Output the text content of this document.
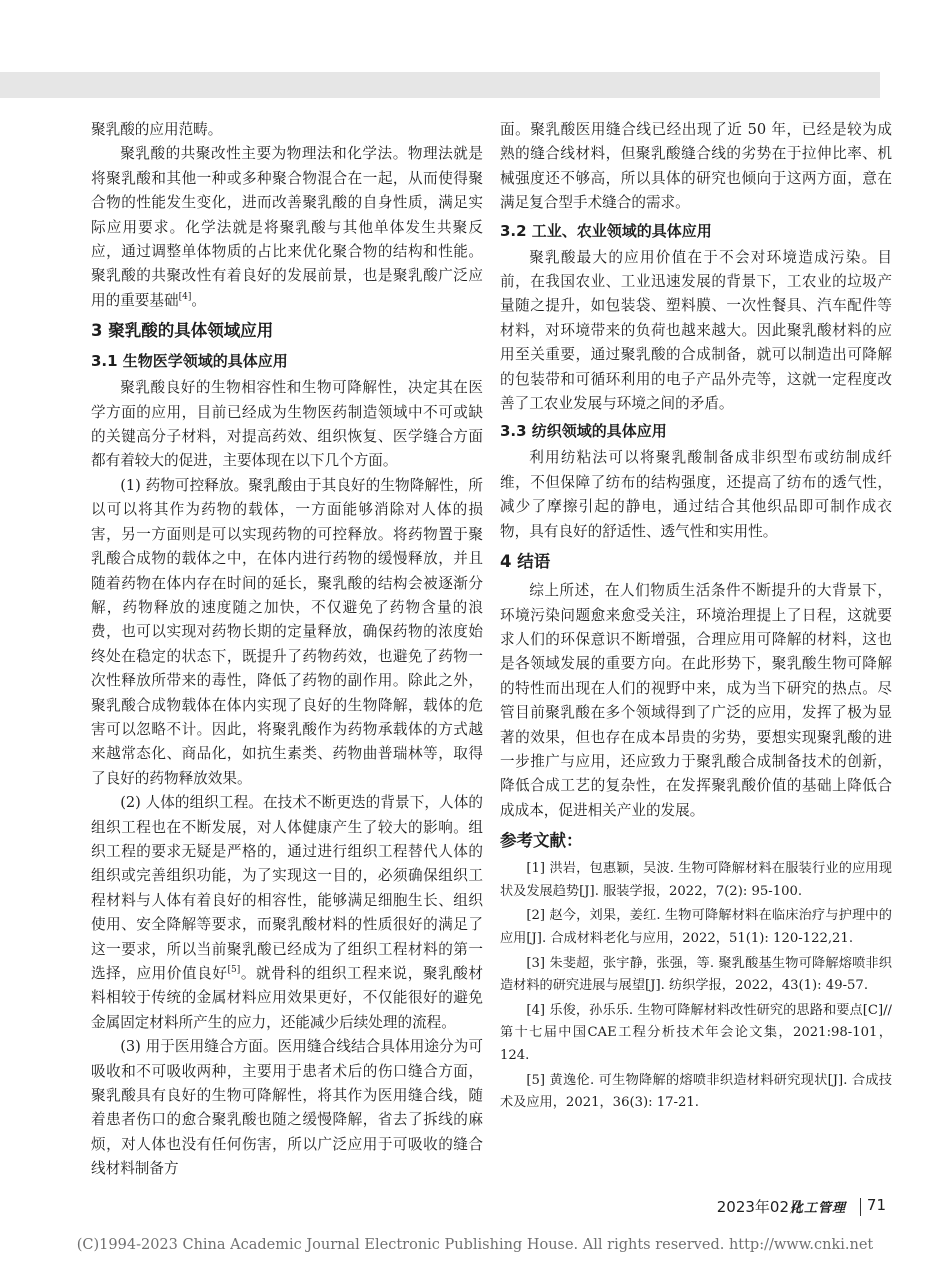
聚乳酸的应用范畴。

聚乳酸的共聚改性主要为物理法和化学法。物理法就是将聚乳酸和其他一种或多种聚合物混合在一起，从而使得聚合物的性能发生变化，进而改善聚乳酸的自身性质，满足实际应用要求。化学法就是将聚乳酸与其他单体发生共聚反应，通过调整单体物质的占比来优化聚合物的结构和性能。聚乳酸的共聚改性有着良好的发展前景，也是聚乳酸广泛应用的重要基础[4]。

3 聚乳酸的具体领域应用

3.1 生物医学领域的具体应用

聚乳酸良好的生物相容性和生物可降解性，决定其在医学方面的应用，目前已经成为生物医药制造领域中不可或缺的关键高分子材料，对提高药效、组织恢复、医学缝合方面都有着较大的促进，主要体现在以下几个方面。

(1) 药物可控释放。聚乳酸由于其良好的生物降解性，所以可以将其作为药物的载体，一方面能够消除对人体的损害，另一方面则是可以实现药物的可控释放。将药物置于聚乳酸合成物的载体之中，在体内进行药物的缓慢释放，并且随着药物在体内存在时间的延长，聚乳酸的结构会被逐渐分解，药物释放的速度随之加快，不仅避免了药物含量的浪费，也可以实现对药物长期的定量释放，确保药物的浓度始终处在稳定的状态下，既提升了药物药效，也避免了药物一次性释放所带来的毒性，降低了药物的副作用。除此之外，聚乳酸合成物载体在体内实现了良好的生物降解，载体的危害可以忽略不计。因此，将聚乳酸作为药物承载体的方式越来越常态化、商品化，如抗生素类、药物曲普瑞林等，取得了良好的药物释放效果。

(2) 人体的组织工程。在技术不断更迭的背景下，人体的组织工程也在不断发展，对人体健康产生了较大的影响。组织工程的要求无疑是严格的，通过进行组织工程替代人体的组织或完善组织功能，为了实现这一目的，必须确保组织工程材料与人体有着良好的相容性，能够满足细胞生长、组织使用、安全降解等要求，而聚乳酸材料的性质很好的满足了这一要求，所以当前聚乳酸已经成为了组织工程材料的第一选择，应用价值良好[5]。就骨科的组织工程来说，聚乳酸材料相较于传统的金属材料应用效果更好，不仅能很好的避免金属固定材料所产生的应力，还能减少后续处理的流程。

(3) 用于医用缝合方面。医用缝合线结合具体用途分为可吸收和不可吸收两种，主要用于患者术后的伤口缝合方面，聚乳酸具有良好的生物可降解性，将其作为医用缝合线，随着患者伤口的愈合聚乳酸也随之缓慢降解，省去了拆线的麻烦，对人体也没有任何伤害，所以广泛应用于可吸收的缝合线材料制备方

面。聚乳酸医用缝合线已经出现了近 50 年，已经是较为成熟的缝合线材料，但聚乳酸缝合线的劣势在于拉伸比率、机械强度还不够高，所以具体的研究也倾向于这两方面，意在满足复合型手术缝合的需求。

3.2 工业、农业领域的具体应用

聚乳酸最大的应用价值在于不会对环境造成污染。目前，在我国农业、工业迅速发展的背景下，工农业的垃圾产量随之提升，如包装袋、塑料膜、一次性餐具、汽车配件等材料，对环境带来的负荷也越来越大。因此聚乳酸材料的应用至关重要，通过聚乳酸的合成制备，就可以制造出可降解的包装带和可循环利用的电子产品外壳等，这就一定程度改善了工农业发展与环境之间的矛盾。

3.3 纺织领域的具体应用

利用纺粘法可以将聚乳酸制备成非织型布或纺制成纤维，不但保障了纺布的结构强度，还提高了纺布的透气性，减少了摩擦引起的静电，通过结合其他织品即可制作成衣物，具有良好的舒适性、透气性和实用性。

4 结语

综上所述，在人们物质生活条件不断提升的大背景下，环境污染问题愈来愈受关注，环境治理提上了日程，这就要求人们的环保意识不断增强，合理应用可降解的材料，这也是各领域发展的重要方向。在此形势下，聚乳酸生物可降解的特性而出现在人们的视野中来，成为当下研究的热点。尽管目前聚乳酸在多个领域得到了广泛的应用，发挥了极为显著的效果，但也存在成本昂贵的劣势，要想实现聚乳酸的进一步推广与应用，还应致力于聚乳酸合成制备技术的创新，降低合成工艺的复杂性，在发挥聚乳酸价值的基础上降低合成成本，促进相关产业的发展。

参考文献：

[1] 洪岩，包惠颖，吴波. 生物可降解材料在服装行业的应用现状及发展趋势[J]. 服装学报，2022，7(2): 95-100.

[2] 赵今，刘果，姜红. 生物可降解材料在临床治疗与护理中的应用[J]. 合成材料老化与应用，2022，51(1): 120-122,21.

[3] 朱斐超，张宇静，张强，等. 聚乳酸基生物可降解熔喷非织造材料的研究进展与展望[J]. 纺织学报，2022，43(1): 49-57.

[4] 乐俊，孙乐乐. 生物可降解材料改性研究的思路和要点[C]// 第十七届中国CAE工程分析技术年会论文集，2021:98-101，124.

[5] 黄逸伦. 可生物降解的熔喷非织造材料研究现状[J]. 合成技术及应用，2021，36(3): 17-21.

2023年02月
化工管理 71
(C)1994-2023 China Academic Journal Electronic Publishing House. All rights reserved. http://www.cnki.net
